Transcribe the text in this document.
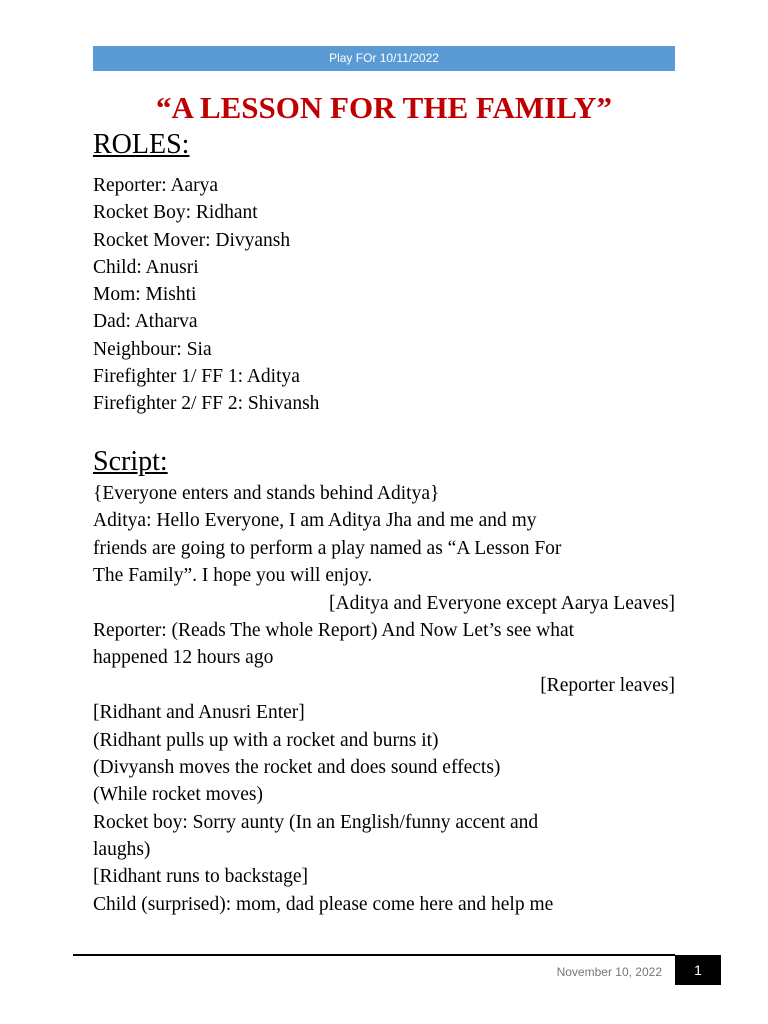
Play FOr 10/11/2022
“A LESSON FOR THE FAMILY”
ROLES:
Reporter: Aarya
Rocket Boy: Ridhant
Rocket Mover: Divyansh
Child: Anusri
Mom: Mishti
Dad: Atharva
Neighbour: Sia
Firefighter 1/ FF 1: Aditya
Firefighter 2/ FF 2: Shivansh
Script:
{Everyone enters and stands behind Aditya}
Aditya: Hello Everyone, I am Aditya Jha and me and my
friends are going to perform a play named as “A Lesson For
The Family”. I hope you will enjoy.
[Aditya and Everyone except Aarya Leaves]
Reporter: (Reads The whole Report) And Now Let’s see what
happened 12 hours ago
[Reporter leaves]
[Ridhant and Anusri Enter]
(Ridhant pulls up with a rocket and burns it)
(Divyansh moves the rocket and does sound effects)
(While rocket moves)
Rocket boy: Sorry aunty (In an English/funny accent and
laughs)
[Ridhant runs to backstage]
Child (surprised): mom, dad please come here and help me
November 10, 2022	1
